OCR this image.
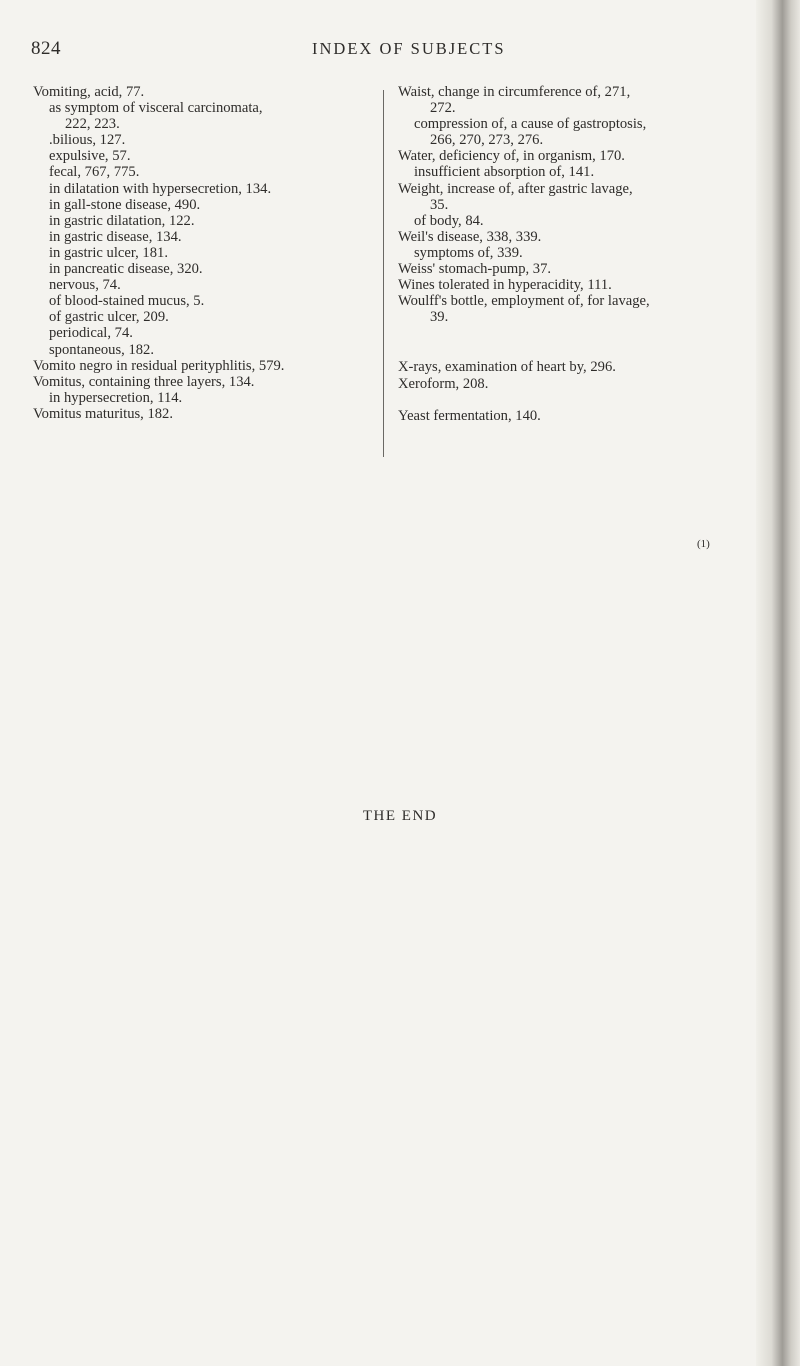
824	INDEX OF SUBJECTS
Vomiting, acid, 77.
as symptom of visceral carcinomata,
222, 223.
.bilious, 127.
expulsive, 57.
fecal, 767, 775.
in dilatation with hypersecretion, 134.
in gall-stone disease, 490.
in gastric dilatation, 122.
in gastric disease, 134.
in gastric ulcer, 181.
in pancreatic disease, 320.
nervous, 74.
of blood-stained mucus, 5.
of gastric ulcer, 209.
periodical, 74.
spontaneous, 182.
Vomito negro in residual perityphlitis, 579.
Vomitus, containing three layers, 134.
in hypersecretion, 114.
Vomitus maturitus, 182.
Waist, change in circumference of, 271,
272.
compression of, a cause of gastroptosis,
266, 270, 273, 276.
Water, deficiency of, in organism, 170.
insufficient absorption of, 141.
Weight, increase of, after gastric lavage,
35.
of body, 84.
Weil's disease, 338, 339.
symptoms of, 339.
Weiss' stomach-pump, 37.
Wines tolerated in hyperacidity, 111.
Woulff's bottle, employment of, for lavage,
39.
X-rays, examination of heart by, 296.
Xeroform, 208.
Yeast fermentation, 140.
(1)
THE END
